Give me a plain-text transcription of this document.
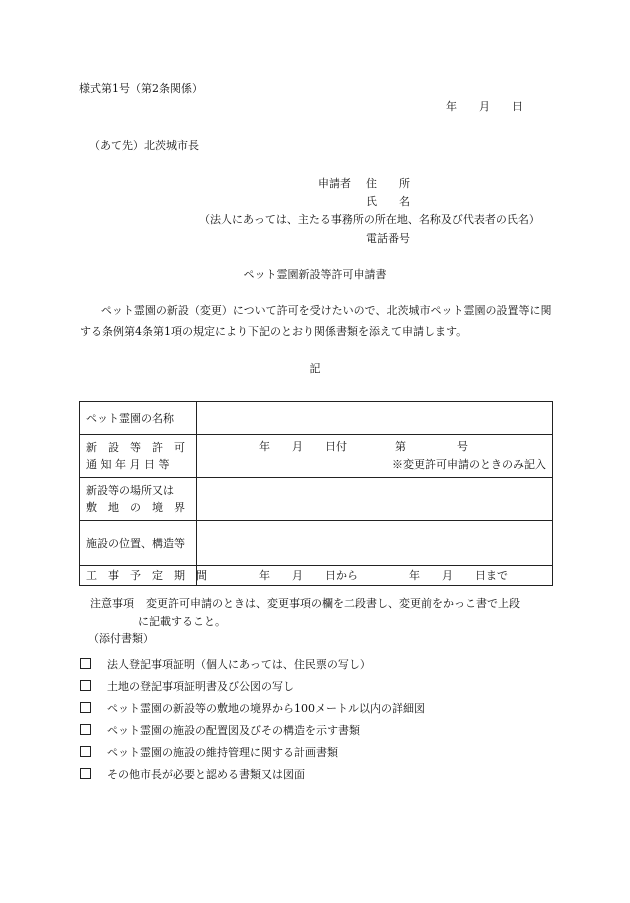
様式第1号（第2条関係）
年　　月　　日
（あて先）北茨城市長
申請者 住　　所
氏　　名
（法人にあっては、主たる事務所の所在地、名称及び代表者の氏名）
電話番号
ペット霊園新設等許可申請書

ペット霊園の新設（変更）について許可を受けたいので、北茨城市ペット霊園の設置等に関する条例第4条第1項の規定により下記のとおり関係書類を添えて申請します。

記
ペット霊園の名称	

新　設　等　許　可
通 知 年 月 日 等	年　　月　　日付 第 号
※変更許可申請のときのみ記入

新設等の場所又は
敷　地　の　境　界	

施設の位置、構造等	

工　事　予　定　期　間	年　　月　　日から 年　　月　　日まで
注意事項 変更許可申請のときは、変更事項の欄を二段書し、変更前をかっこ書で上段
に記載すること。
（添付書類）
法人登記事項証明（個人にあっては、住民票の写し）
土地の登記事項証明書及び公図の写し
ペット霊園の新設等の敷地の境界から100メートル以内の詳細図
ペット霊園の施設の配置図及びその構造を示す書類
ペット霊園の施設の維持管理に関する計画書類
その他市長が必要と認める書類又は図面
